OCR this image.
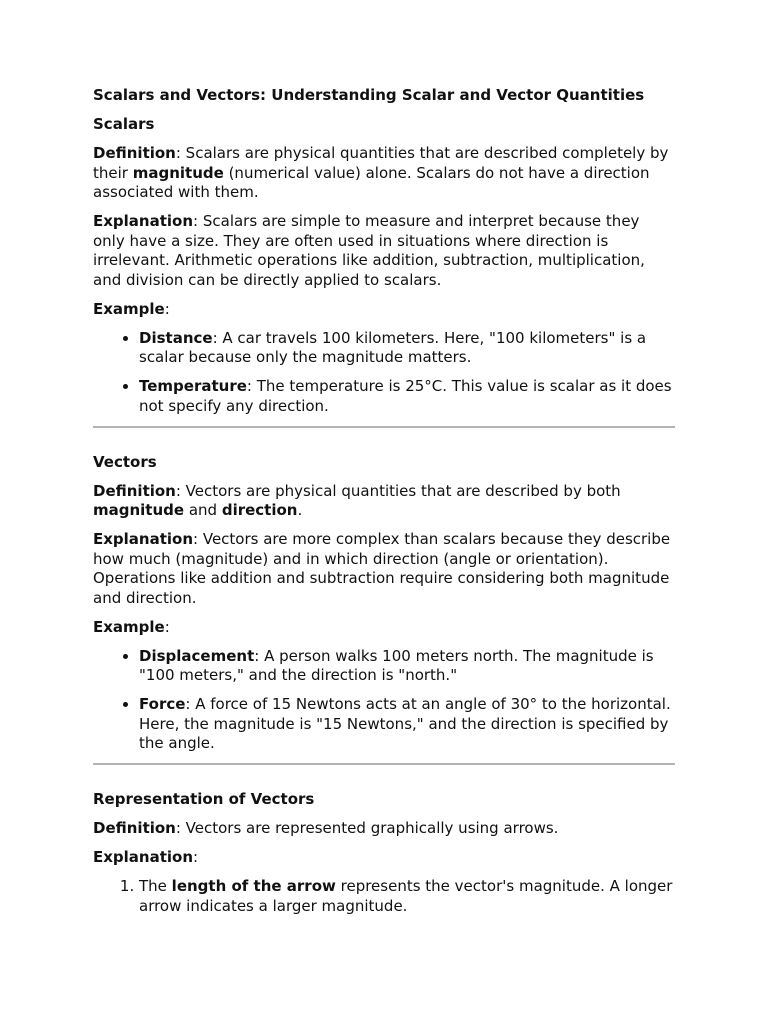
Scalars and Vectors: Understanding Scalar and Vector Quantities

Scalars

Definition: Scalars are physical quantities that are described completely by their magnitude (numerical value) alone. Scalars do not have a direction associated with them.

Explanation: Scalars are simple to measure and interpret because they only have a size. They are often used in situations where direction is irrelevant. Arithmetic operations like addition, subtraction, multiplication, and division can be directly applied to scalars.

Example:

• Distance: A car travels 100 kilometers. Here, "100 kilometers" is a scalar because only the magnitude matters.
• Temperature: The temperature is 25°C. This value is scalar as it does not specify any direction.

Vectors

Definition: Vectors are physical quantities that are described by both magnitude and direction.

Explanation: Vectors are more complex than scalars because they describe how much (magnitude) and in which direction (angle or orientation). Operations like addition and subtraction require considering both magnitude and direction.

Example:

• Displacement: A person walks 100 meters north. The magnitude is "100 meters," and the direction is "north."
• Force: A force of 15 Newtons acts at an angle of 30° to the horizontal. Here, the magnitude is "15 Newtons," and the direction is specified by the angle.

Representation of Vectors

Definition: Vectors are represented graphically using arrows.

Explanation:

1. The length of the arrow represents the vector's magnitude. A longer arrow indicates a larger magnitude.
